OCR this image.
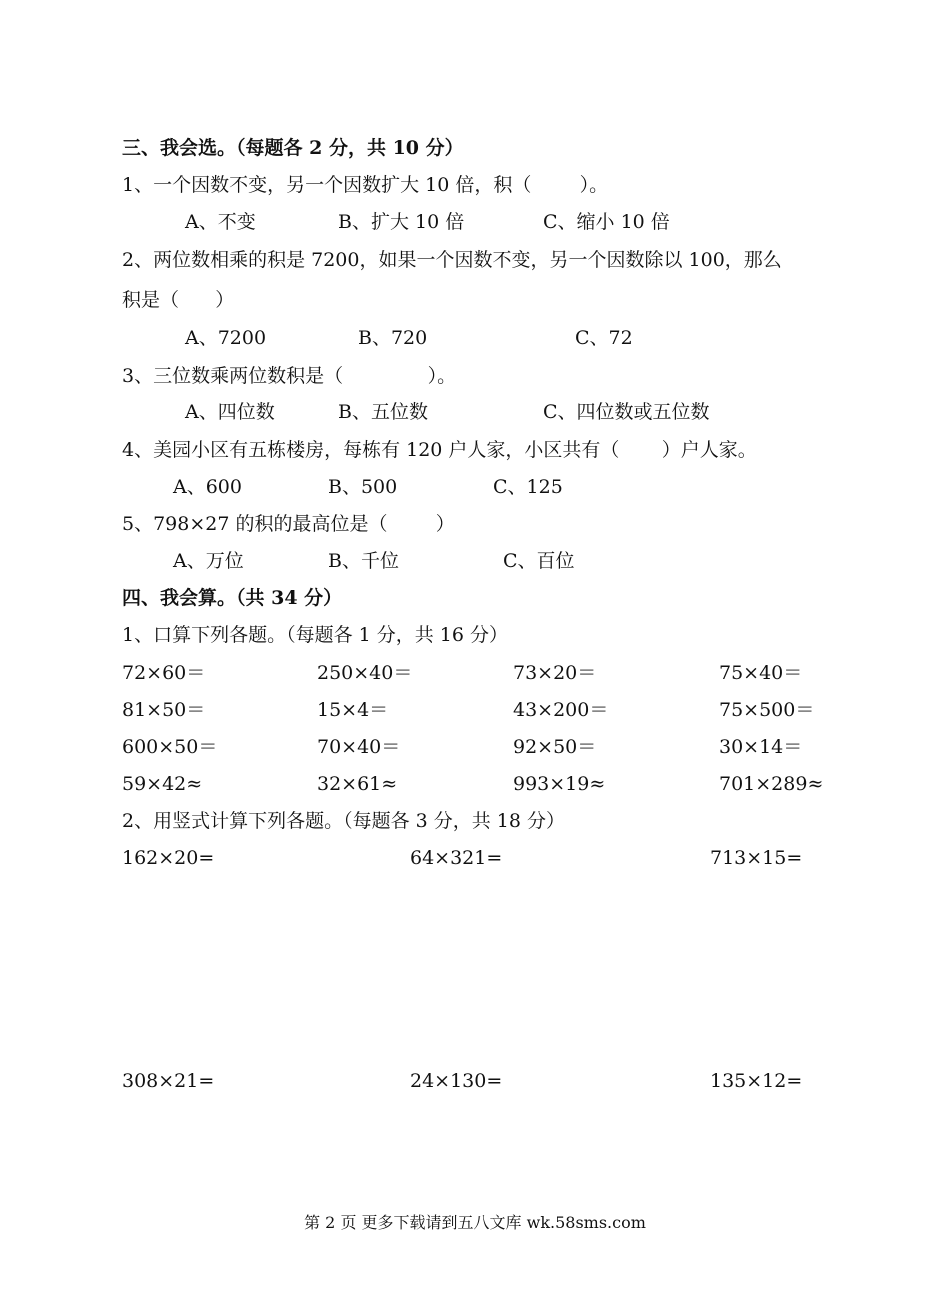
三、我会选。（每题各 2 分，共 10 分）
1、一个因数不变，另一个因数扩大 10 倍，积（        ）。
A、不变	B、扩大 10 倍	C、缩小 10 倍
2、两位数相乘的积是 7200，如果一个因数不变，另一个因数除以 100，那么
积是（      ）
A、7200	B、720	C、72
3、三位数乘两位数积是（              ）。
A、四位数	B、五位数	C、四位数或五位数
4、美园小区有五栋楼房，每栋有 120 户人家，小区共有（       ）户人家。
A、600	B、500	C、125
5、798×27 的积的最高位是（        ）
A、万位	B、千位	C、百位
四、我会算。（共 34 分）
1、口算下列各题。（每题各 1 分，共 16 分）
72×60＝	250×40＝	73×20＝	75×40＝
81×50＝	15×4＝	43×200＝	75×500＝
600×50＝	70×40＝	92×50＝	30×14＝
59×42≈	32×61≈	993×19≈	701×289≈
2、用竖式计算下列各题。（每题各 3 分，共 18 分）
162×20=	64×321=	713×15=
308×21=	24×130=	135×12=
第 2 页 更多下载请到五八文库 wk.58sms.com
